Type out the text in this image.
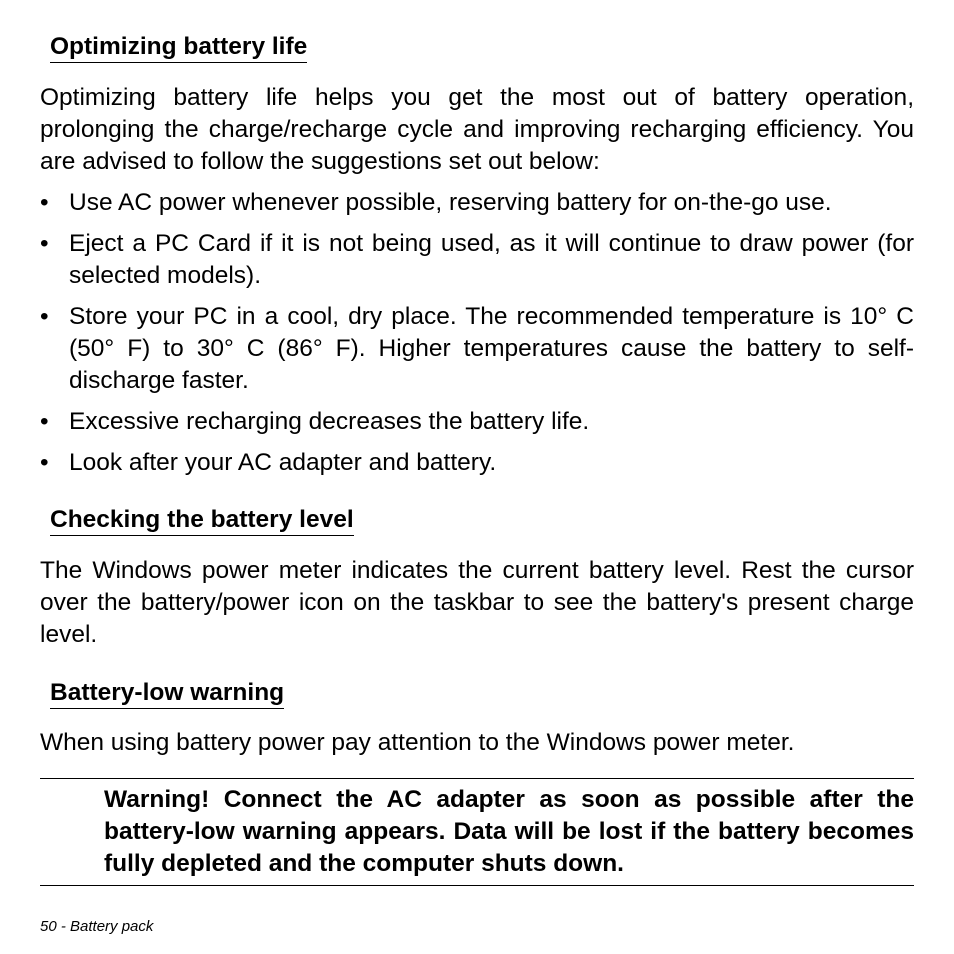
Optimizing battery life
Optimizing battery life helps you get the most out of battery operation, prolonging the charge/recharge cycle and improving recharging efficiency. You are advised to follow the suggestions set out below:
• Use AC power whenever possible, reserving battery for on-the-go use.
• Eject a PC Card if it is not being used, as it will continue to draw power (for selected models).
• Store your PC in a cool, dry place. The recommended temperature is 10° C (50° F) to 30° C (86° F). Higher temperatures cause the battery to self-discharge faster.
• Excessive recharging decreases the battery life.
• Look after your AC adapter and battery.
Checking the battery level
The Windows power meter indicates the current battery level. Rest the cursor over the battery/power icon on the taskbar to see the battery's present charge level.
Battery-low warning
When using battery power pay attention to the Windows power meter.
Warning! Connect the AC adapter as soon as possible after the battery-low warning appears. Data will be lost if the battery becomes fully depleted and the computer shuts down.
50 - Battery pack
